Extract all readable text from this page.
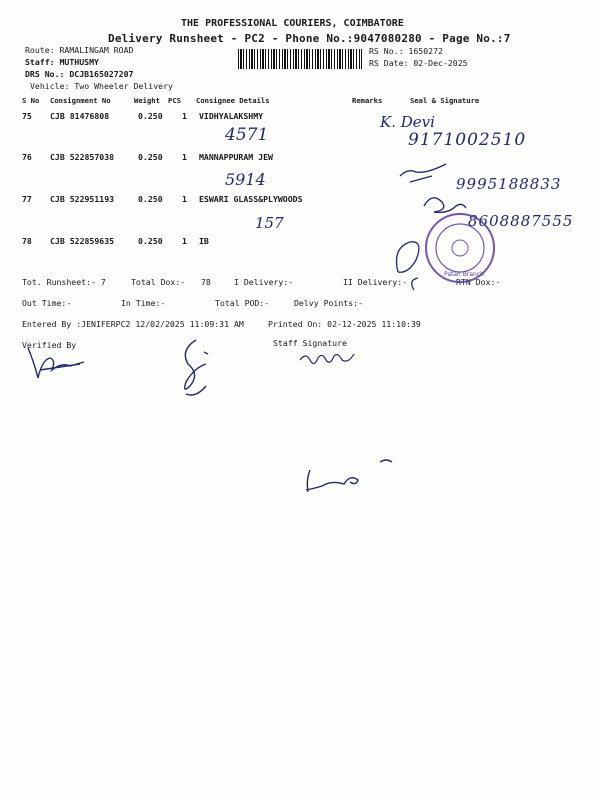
THE PROFESSIONAL COURIERS, COIMBATORE
Delivery Runsheet - PC2 - Phone No.:9047080280 - Page No.:7
Route: RAMALINGAM ROAD
Staff: MUTHUSMY
DRS No.: DCJB165027207
Vehicle: Two Wheeler Delivery
RS No.: 1650272
RS Date: 02-Dec-2025
S No Consignment No	Weight PCS Consignee Details	Remarks	Seal & Signature
75 CJB 81476808	0.250 1 VIDHYALAKSHMY
4571
K. Devi
9171002510
76 CJB 522857038	0.250 1 MANNAPPURAM JEW
5914	9995188833
77 CJB 522951193	0.250 1 ESWARI GLASS&PLYWOODS
157	8608887555
78 CJB 522859635	0.250 1 IB
Tot. Runsheet:- 7	Total Dox:- 78	I Delivery:-	II Delivery:-	RTN Dox:-
Out Time:-	In Time:-	Total POD:-	Delvy Points:-
Entered By :JENIFERPC2 12/02/2025 11:09:31 AM	Printed On: 02-12-2025 11:10:39
Verified By	Staff Signature
Patan Branch
